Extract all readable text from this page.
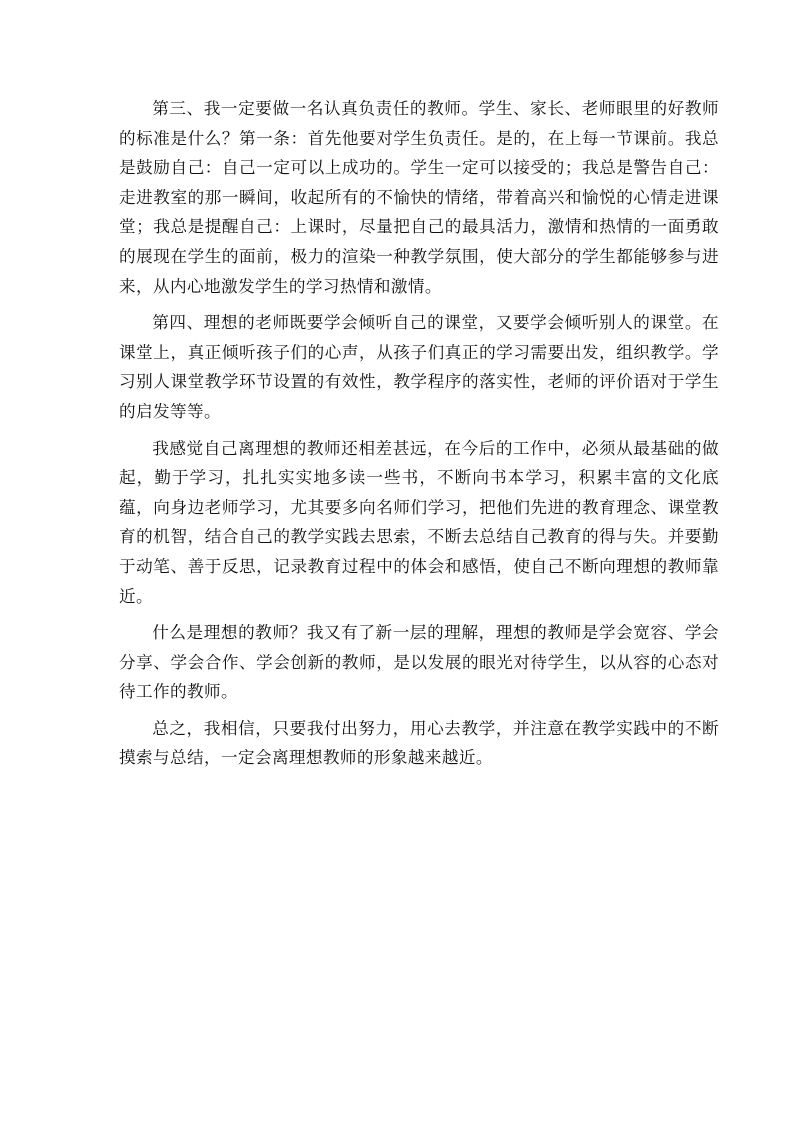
第三、我一定要做一名认真负责任的教师。学生、家长、老师眼里的好教师的标准是什么？第一条：首先他要对学生负责任。是的，在上每一节课前。我总是鼓励自己：自己一定可以上成功的。学生一定可以接受的；我总是警告自己：走进教室的那一瞬间，收起所有的不愉快的情绪，带着高兴和愉悦的心情走进课堂；我总是提醒自己：上课时，尽量把自己的最具活力，激情和热情的一面勇敢的展现在学生的面前，极力的渲染一种教学氛围，使大部分的学生都能够参与进来，从内心地激发学生的学习热情和激情。

第四、理想的老师既要学会倾听自己的课堂，又要学会倾听别人的课堂。在课堂上，真正倾听孩子们的心声，从孩子们真正的学习需要出发，组织教学。学习别人课堂教学环节设置的有效性，教学程序的落实性，老师的评价语对于学生的启发等等。

我感觉自己离理想的教师还相差甚远，在今后的工作中，必须从最基础的做起，勤于学习，扎扎实实地多读一些书，不断向书本学习，积累丰富的文化底蕴，向身边老师学习，尤其要多向名师们学习，把他们先进的教育理念、课堂教育的机智，结合自己的教学实践去思索，不断去总结自己教育的得与失。并要勤于动笔、善于反思，记录教育过程中的体会和感悟，使自己不断向理想的教师靠近。

什么是理想的教师？我又有了新一层的理解，理想的教师是学会宽容、学会分享、学会合作、学会创新的教师，是以发展的眼光对待学生，以从容的心态对待工作的教师。

总之，我相信，只要我付出努力，用心去教学，并注意在教学实践中的不断摸索与总结，一定会离理想教师的形象越来越近。
